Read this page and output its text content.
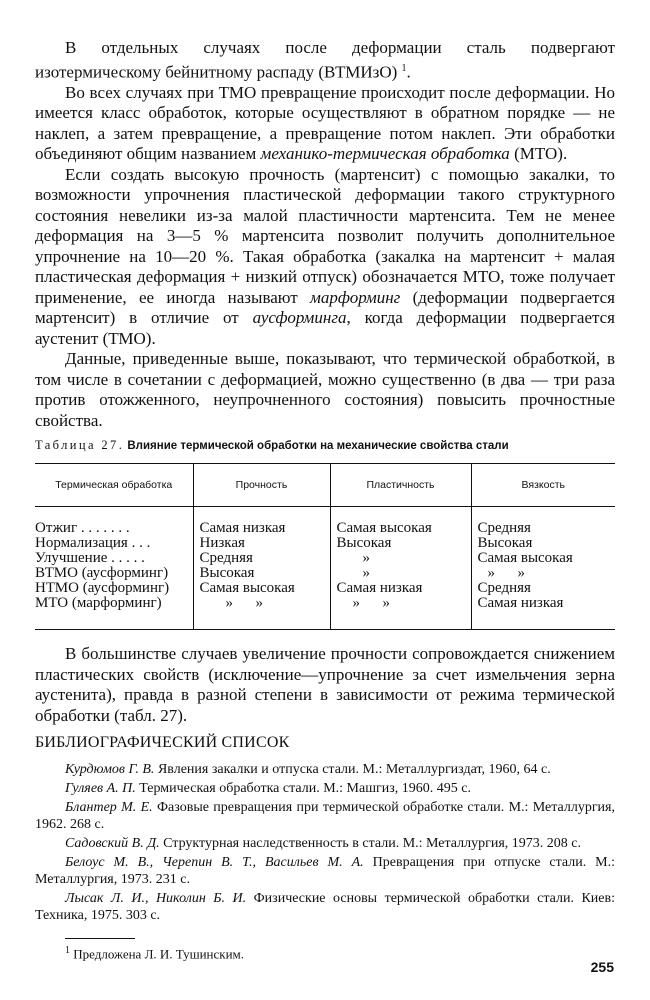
В отдельных случаях после деформации сталь подвергают изотермическому бейнитному распаду (ВТМИзО) $^1$.

Во всех случаях при ТМО превращение происходит после деформации. Но имеется класс обработок, которые осуществляют в обратном порядке — не наклеп, а затем превращение, а превращение потом наклеп. Эти обработки объединяют общим названием механико-термическая обработка (МТО).

Если создать высокую прочность (мартенсит) с помощью закалки, то возможности упрочнения пластической деформации такого структурного состояния невелики из-за малой пластичности мартенсита. Тем не менее деформация на 3—5 % мартенсита позволит получить дополнительное упрочнение на 10—20 %. Такая обработка (закалка на мартенсит + малая пластическая деформация + низкий отпуск) обозначается МТО, тоже получает применение, ее иногда называют марформинг (деформации подвергается мартенсит) в отличие от аусформинга, когда деформации подвергается аустенит (ТМО).

Данные, приведенные выше, показывают, что термической обработкой, в том числе в сочетании с деформацией, можно существенно (в два — три раза против отожженного, неупрочненного состояния) повысить прочностные свойства.

Таблица 27. Влияние термической обработки на механические свойства стали
Термическая обработка	Прочность	Пластичность	Вязкость
Отжиг . . . . . . .	Самая низкая	Самая высокая	Средняя
Нормализация . . .	Низкая	Высокая	Высокая
Улучшение . . . . .	Средняя	»	Самая высокая
ВТМО (аусформинг)	Высокая	»	»      »
НТМО (аусформинг)	Самая высокая	Самая низкая	Средняя
МТО (марформинг)	»      »	»      »	Самая низкая

В большинстве случаев увеличение прочности сопровождается снижением пластических свойств (исключение—упрочнение за счет измельчения зерна аустенита), правда в разной степени в зависимости от режима термической обработки (табл. 27).

БИБЛИОГРАФИЧЕСКИЙ СПИСОК
Курдюмов Г. В. Явления закалки и отпуска стали. М.: Металлургиздат, 1960, 64 с.
Гуляев А. П. Термическая обработка стали. М.: Машгиз, 1960. 495 с.
Блантер М. Е. Фазовые превращения при термической обработке стали. М.: Металлургия, 1962. 268 с.
Садовский В. Д. Структурная наследственность в стали. М.: Металлургия, 1973. 208 с.
Белоус М. В., Черепин В. Т., Васильев М. А. Превращения при отпуске стали. М.: Металлургия, 1973. 231 с.
Лысак Л. И., Николин Б. И. Физические основы термической обработки стали. Киев: Техника, 1975. 303 с.
$^1$ Предложена Л. И. Тушинским.
255
